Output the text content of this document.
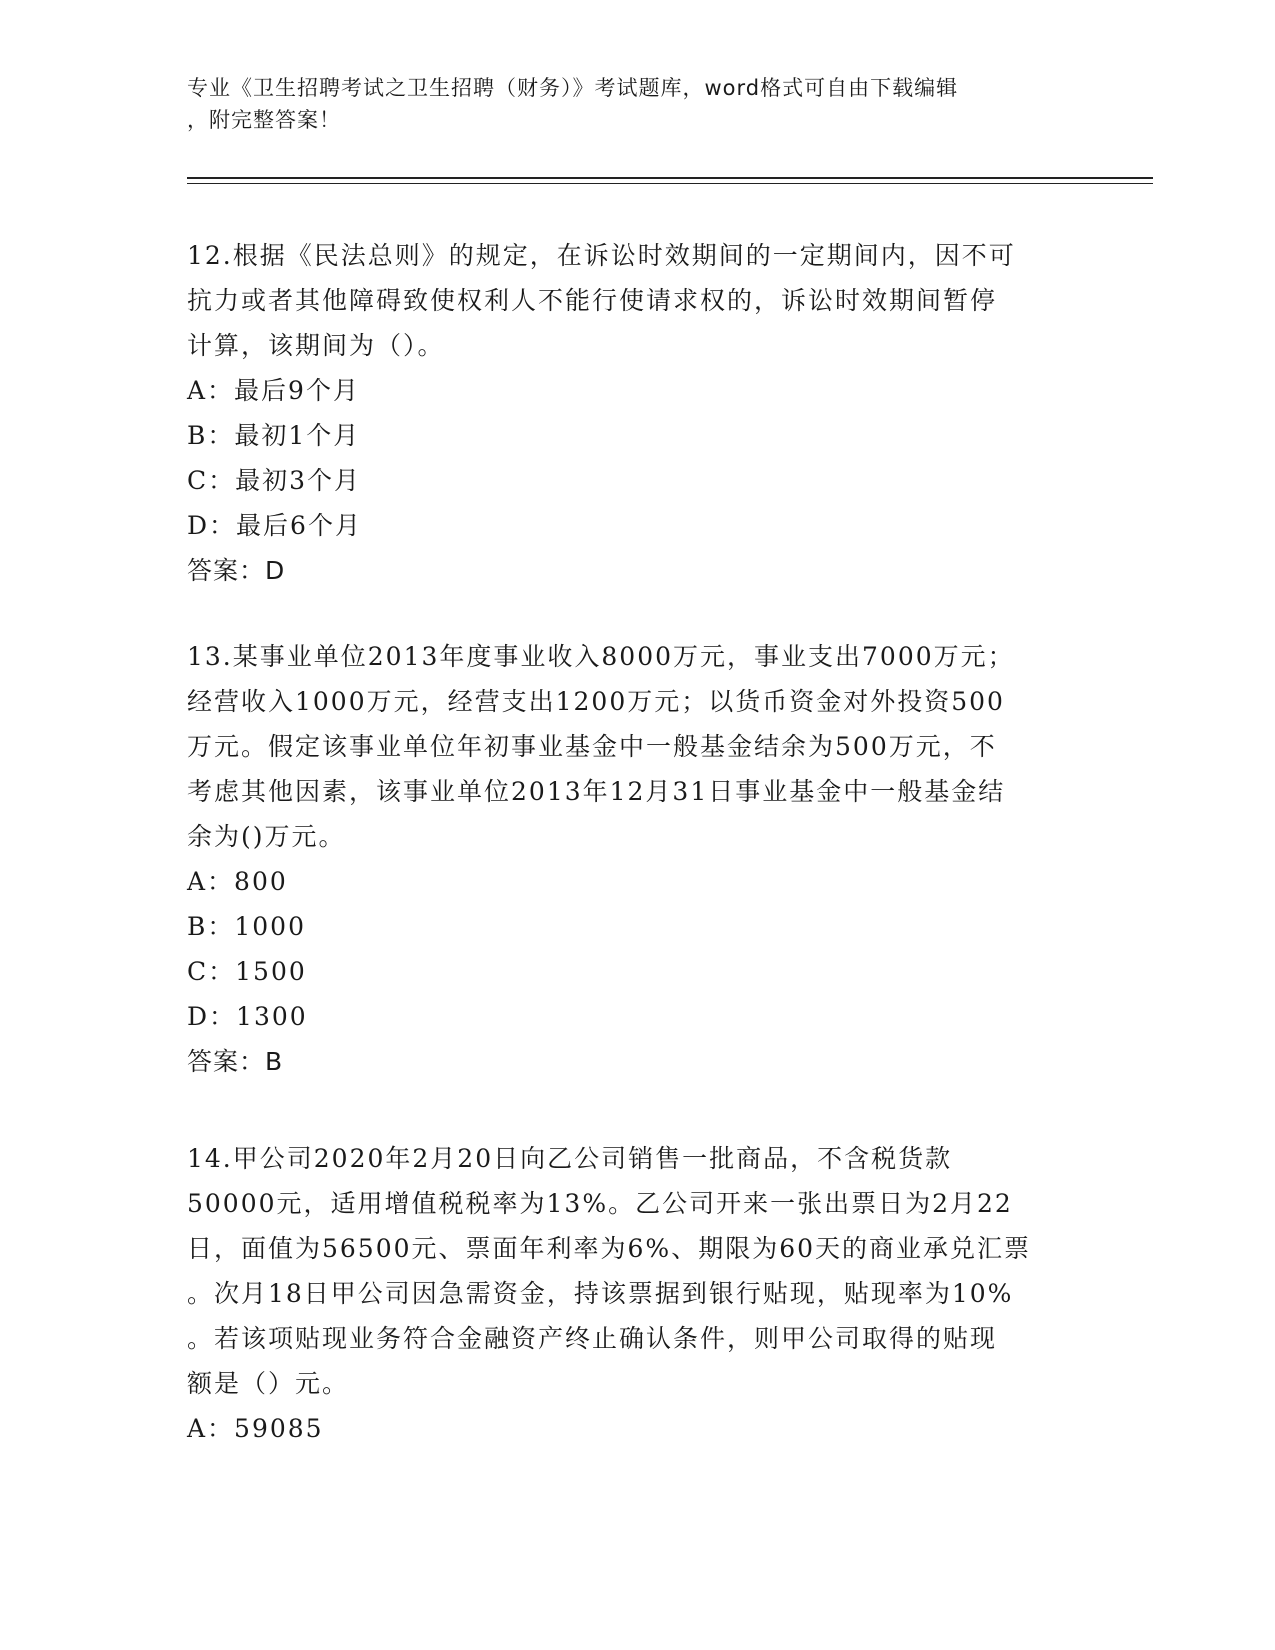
专业《卫生招聘考试之卫生招聘（财务）》考试题库，word格式可自由下载编辑
，附完整答案！
12.根据《民法总则》的规定，在诉讼时效期间的一定期间内，因不可
抗力或者其他障碍致使权利人不能行使请求权的，诉讼时效期间暂停
计算，该期间为（）。
A：最后9个月
B：最初1个月
C：最初3个月
D：最后6个月
答案：D
13.某事业单位2013年度事业收入8000万元，事业支出7000万元；
经营收入1000万元，经营支出1200万元；以货币资金对外投资500
万元。假定该事业单位年初事业基金中一般基金结余为500万元，不
考虑其他因素，该事业单位2013年12月31日事业基金中一般基金结
余为()万元。
A：800
B：1000
C：1500
D：1300
答案：B
14.甲公司2020年2月20日向乙公司销售一批商品，不含税货款
50000元，适用增值税税率为13%。乙公司开来一张出票日为2月22
日，面值为56500元、票面年利率为6%、期限为60天的商业承兑汇票
。次月18日甲公司因急需资金，持该票据到银行贴现，贴现率为10%
。若该项贴现业务符合金融资产终止确认条件，则甲公司取得的贴现
额是（）元。
A：59085
